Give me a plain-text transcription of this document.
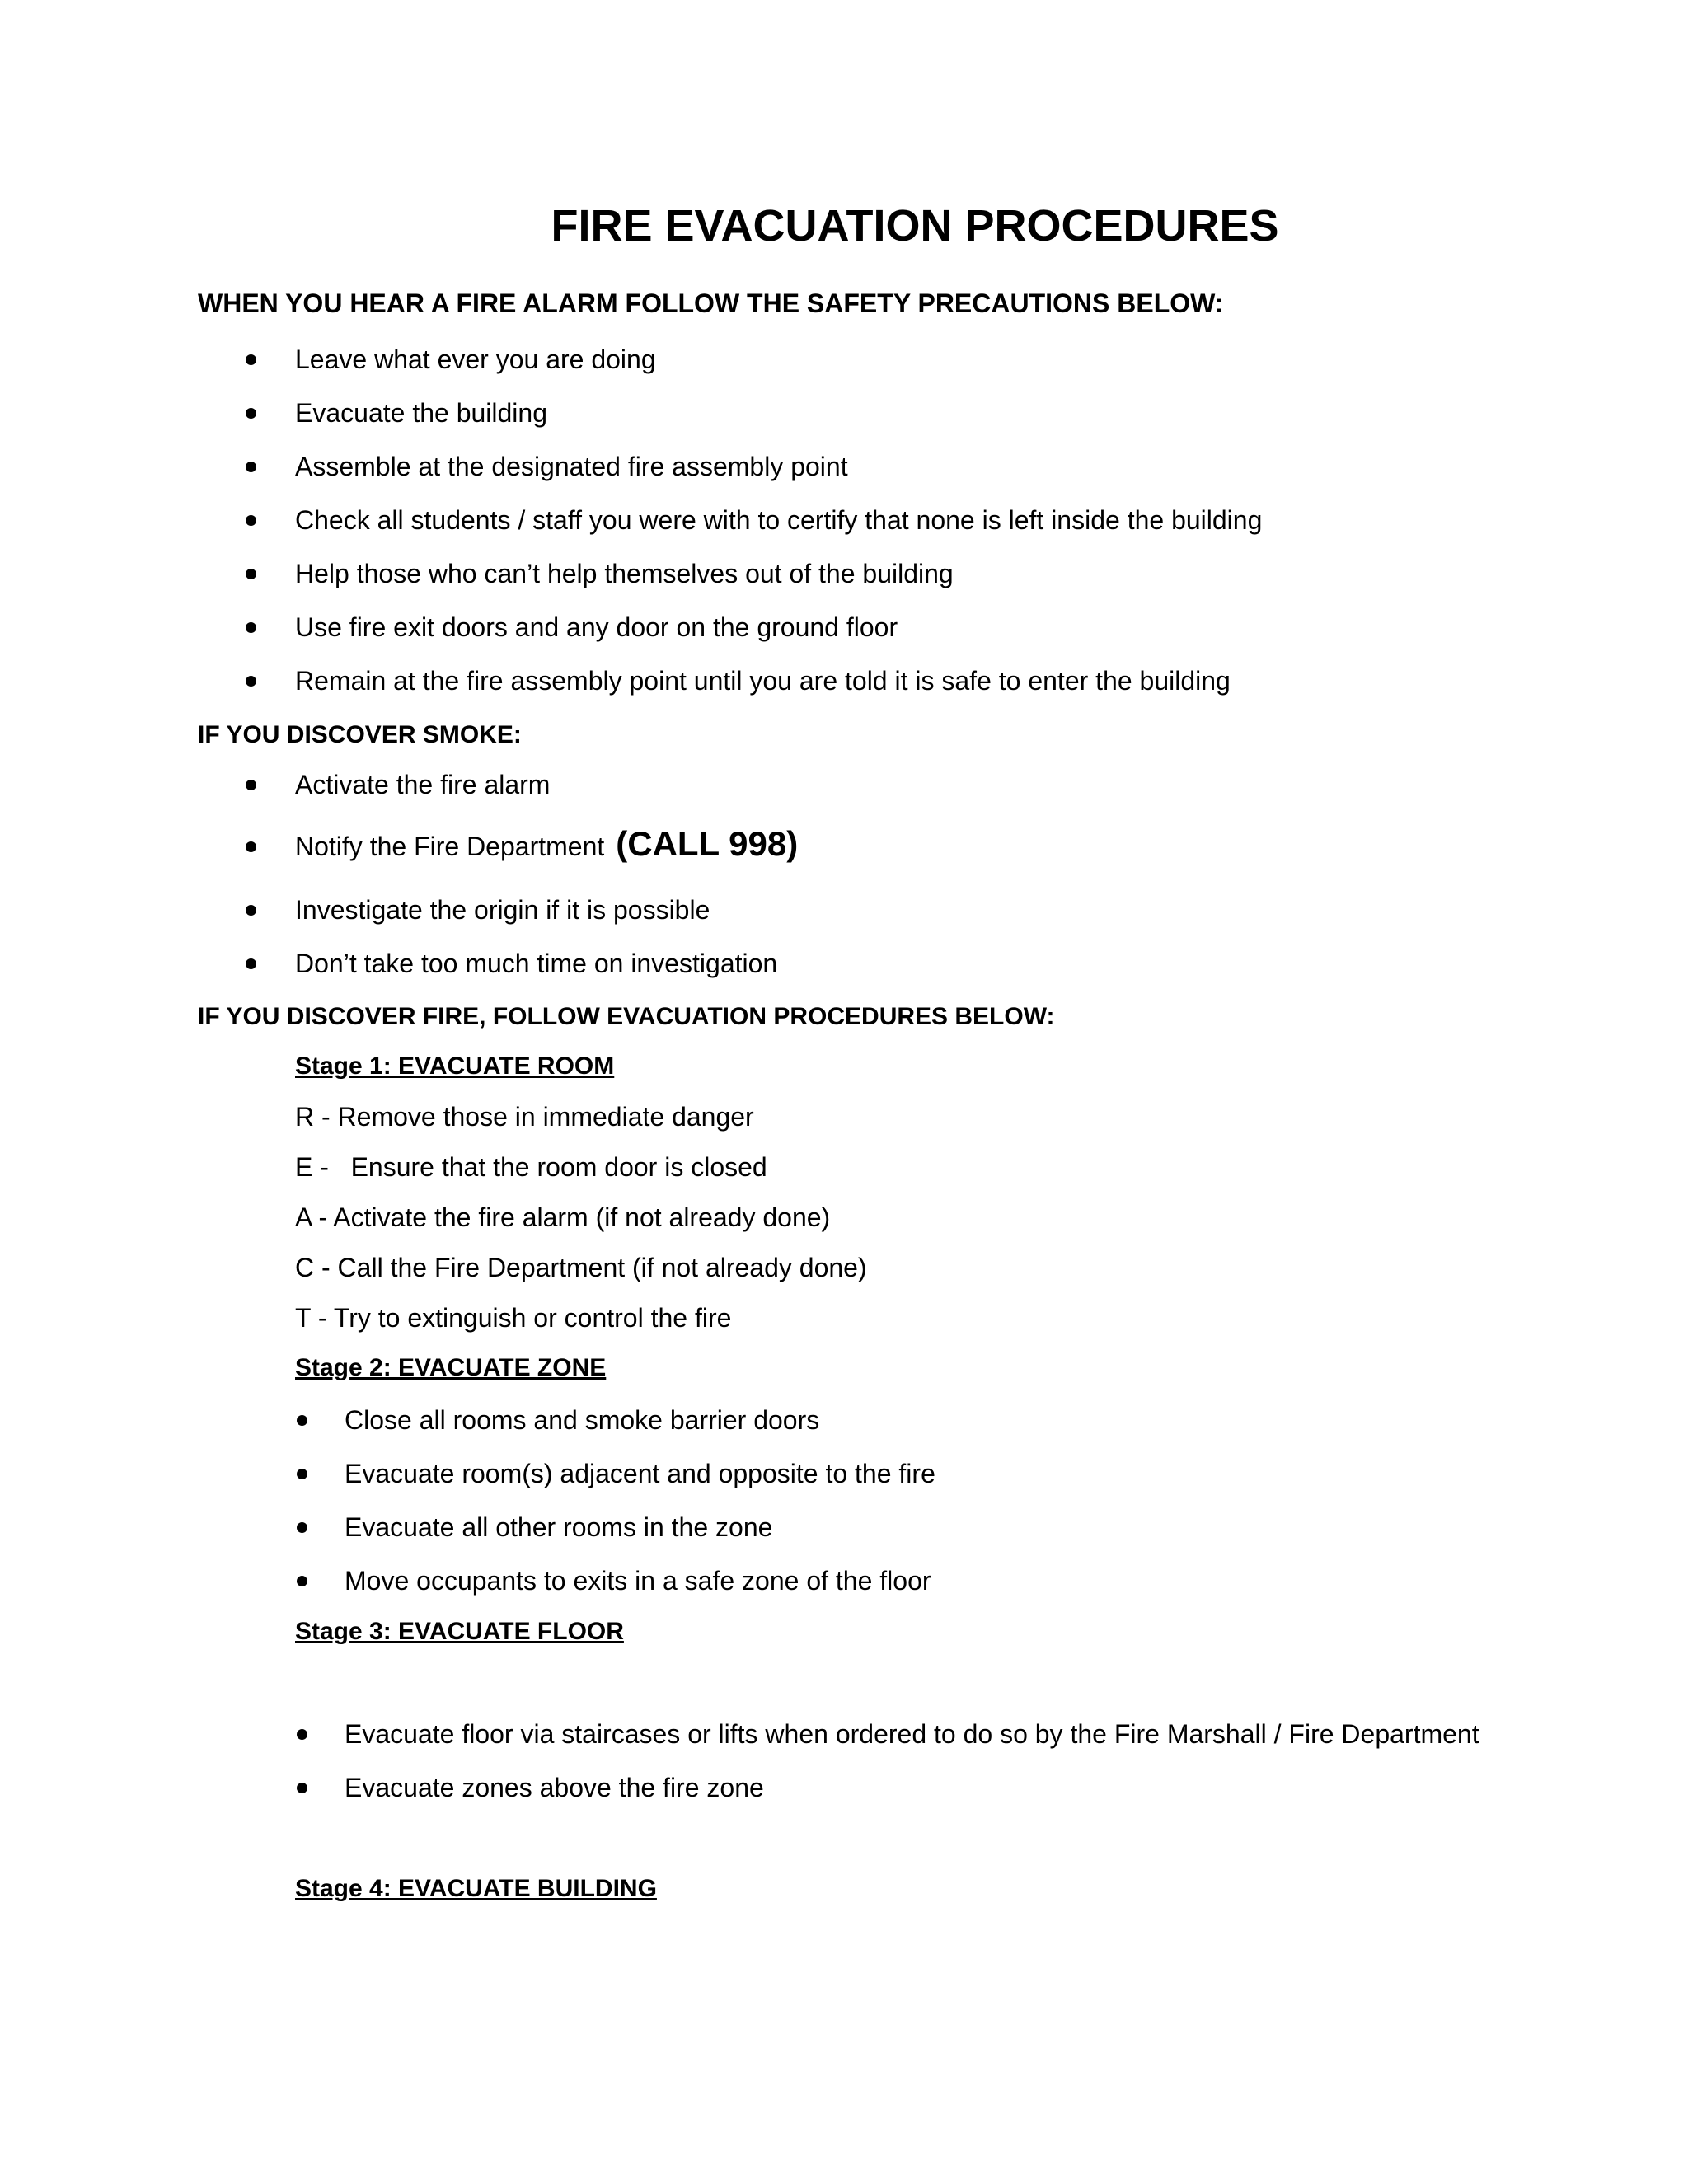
FIRE EVACUATION PROCEDURES
WHEN YOU HEAR A FIRE ALARM FOLLOW THE SAFETY PRECAUTIONS BELOW:
Leave what ever you are doing
Evacuate the building
Assemble at the designated fire assembly point
Check all students / staff you were with to certify that none is left inside the building
Help those who can’t help themselves out of the building
Use fire exit doors and any door on the ground floor
Remain at the fire assembly point until you are told it is safe to enter the building
IF YOU DISCOVER SMOKE:
Activate the fire alarm
Notify the Fire Department (CALL 998)
Investigate the origin if it is possible
Don’t take too much time on investigation
IF YOU DISCOVER FIRE, FOLLOW EVACUATION PROCEDURES BELOW:
Stage 1: EVACUATE ROOM
R - Remove those in immediate danger
E -   Ensure that the room door is closed
A - Activate the fire alarm (if not already done)
C - Call the Fire Department (if not already done)
T - Try to extinguish or control the fire
Stage 2: EVACUATE ZONE
Close all rooms and smoke barrier doors
Evacuate room(s) adjacent and opposite to the fire
Evacuate all other rooms in the zone
Move occupants to exits in a safe zone of the floor
Stage 3: EVACUATE FLOOR
Evacuate floor via staircases or lifts when ordered to do so by the Fire Marshall / Fire Department
Evacuate zones above the fire zone
Stage 4: EVACUATE BUILDING
